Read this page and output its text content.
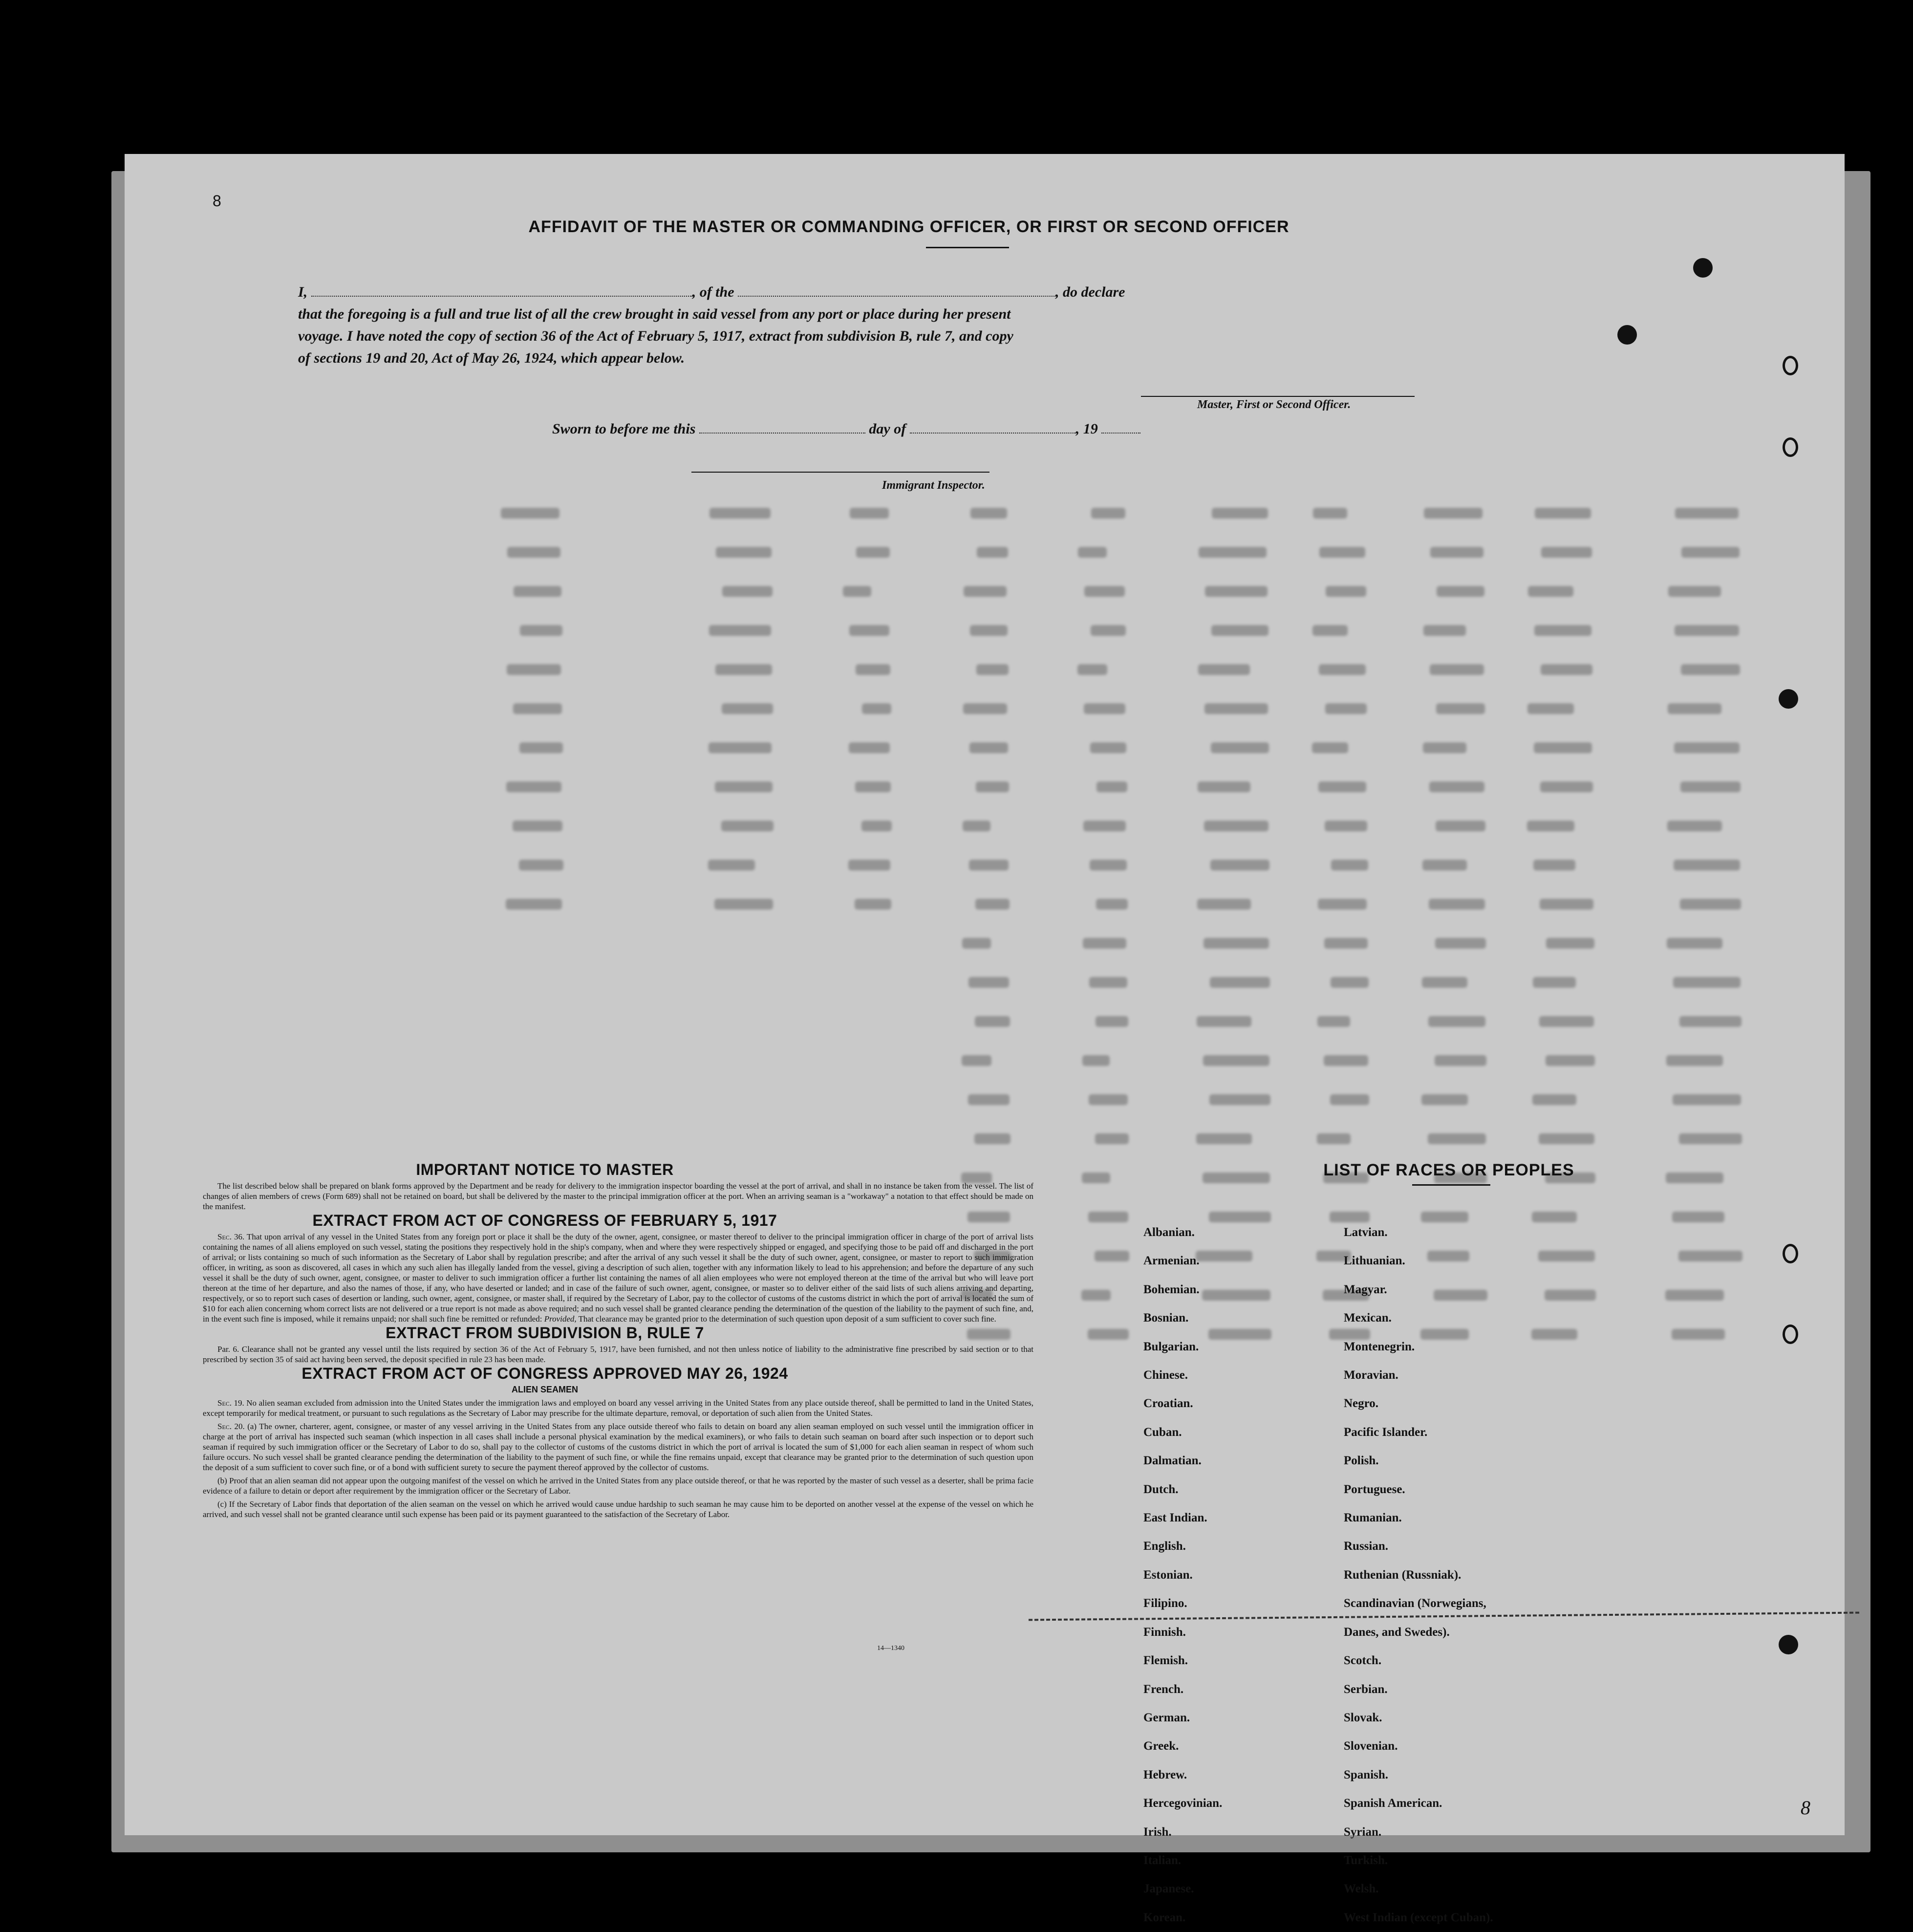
8
AFFIDAVIT OF THE MASTER OR COMMANDING OFFICER, OR FIRST OR SECOND OFFICER
I,	, of the	, do declare
that the foregoing is a full and true list of all the crew brought in said vessel from any port or place during her present
voyage. I have noted the copy of section 36 of the Act of February 5, 1917, extract from subdivision B, rule 7, and copy
of sections 19 and 20, Act of May 26, 1924, which appear below.
Master, First or Second Officer.
Sworn to before me this	day of	, 19
Immigrant Inspector.
IMPORTANT NOTICE TO MASTER

The list described below shall be prepared on blank forms approved by the Department and be ready for delivery to the immigration inspector boarding the vessel at the port of arrival, and shall in no instance be taken from the vessel. The list of changes of alien members of crews (Form 689) shall not be retained on board, but shall be delivered by the master to the principal immigration officer at the port. When an arriving seaman is a "workaway" a notation to that effect should be made on the manifest.

EXTRACT FROM ACT OF CONGRESS OF FEBRUARY 5, 1917

Sec. 36. That upon arrival of any vessel in the United States from any foreign port or place it shall be the duty of the owner, agent, consignee, or master thereof to deliver to the principal immigration officer in charge of the port of arrival lists containing the names of all aliens employed on such vessel, stating the positions they respectively hold in the ship's company, when and where they were respectively shipped or engaged, and specifying those to be paid off and discharged in the port of arrival; or lists containing so much of such information as the Secretary of Labor shall by regulation prescribe; and after the arrival of any such vessel it shall be the duty of such owner, agent, consignee, or master to report to such immigration officer, in writing, as soon as discovered, all cases in which any such alien has illegally landed from the vessel, giving a description of such alien, together with any information likely to lead to his apprehension; and before the departure of any such vessel it shall be the duty of such owner, agent, consignee, or master to deliver to such immigration officer a further list containing the names of all alien employees who were not employed thereon at the time of the arrival but who will leave port thereon at the time of her departure, and also the names of those, if any, who have deserted or landed; and in case of the failure of such owner, agent, consignee, or master so to deliver either of the said lists of such aliens arriving and departing, respectively, or so to report such cases of desertion or landing, such owner, agent, consignee, or master shall, if required by the Secretary of Labor, pay to the collector of customs of the customs district in which the port of arrival is located the sum of $10 for each alien concerning whom correct lists are not delivered or a true report is not made as above required; and no such vessel shall be granted clearance pending the determination of the question of the liability to the payment of such fine, and, in the event such fine is imposed, while it remains unpaid; nor shall such fine be remitted or refunded: Provided, That clearance may be granted prior to the determination of such question upon deposit of a sum sufficient to cover such fine.

EXTRACT FROM SUBDIVISION B, RULE 7

Par. 6. Clearance shall not be granted any vessel until the lists required by section 36 of the Act of February 5, 1917, have been furnished, and not then unless notice of liability to the administrative fine prescribed by said section or to that prescribed by section 35 of said act having been served, the deposit specified in rule 23 has been made.

EXTRACT FROM ACT OF CONGRESS APPROVED MAY 26, 1924
ALIEN SEAMEN

Sec. 19. No alien seaman excluded from admission into the United States under the immigration laws and employed on board any vessel arriving in the United States from any place outside thereof, shall be permitted to land in the United States, except temporarily for medical treatment, or pursuant to such regulations as the Secretary of Labor may prescribe for the ultimate departure, removal, or deportation of such alien from the United States.

Sec. 20. (a) The owner, charterer, agent, consignee, or master of any vessel arriving in the United States from any place outside thereof who fails to detain on board any alien seaman employed on such vessel until the immigration officer in charge at the port of arrival has inspected such seaman (which inspection in all cases shall include a personal physical examination by the medical examiners), or who fails to detain such seaman on board after such inspection or to deport such seaman if required by such immigration officer or the Secretary of Labor to do so, shall pay to the collector of customs of the customs district in which the port of arrival is located the sum of $1,000 for each alien seaman in respect of whom such failure occurs. No such vessel shall be granted clearance pending the determination of the liability to the payment of such fine, or while the fine remains unpaid, except that clearance may be granted prior to the determination of such question upon the deposit of a sum sufficient to cover such fine, or of a bond with sufficient surety to secure the payment thereof approved by the collector of customs.

(b) Proof that an alien seaman did not appear upon the outgoing manifest of the vessel on which he arrived in the United States from any place outside thereof, or that he was reported by the master of such vessel as a deserter, shall be prima facie evidence of a failure to detain or deport after requirement by the immigration officer or the Secretary of Labor.

(c) If the Secretary of Labor finds that deportation of the alien seaman on the vessel on which he arrived would cause undue hardship to such seaman he may cause him to be deported on another vessel at the expense of the vessel on which he arrived, and such vessel shall not be granted clearance until such expense has been paid or its payment guaranteed to the satisfaction of the Secretary of Labor.

14—1340
LIST OF RACES OR PEOPLES
Albanian.
Armenian.
Bohemian.
Bosnian.
Bulgarian.
Chinese.
Croatian.
Cuban.
Dalmatian.
Dutch.
East Indian.
English.
Estonian.
Filipino.
Finnish.
Flemish.
French.
German.
Greek.
Hebrew.
Hercegovinian.
Irish.
Italian.
Japanese.
Korean.
Latvian.
Lithuanian.
Magyar.
Mexican.
Montenegrin.
Moravian.
Negro.
Pacific Islander.
Polish.
Portuguese.
Rumanian.
Russian.
Ruthenian (Russniak).
Scandinavian (Norwegians,
Danes, and Swedes).
Scotch.
Serbian.
Slovak.
Slovenian.
Spanish.
Spanish American.
Syrian.
Turkish.
Welsh.
West Indian (except Cuban).
8
